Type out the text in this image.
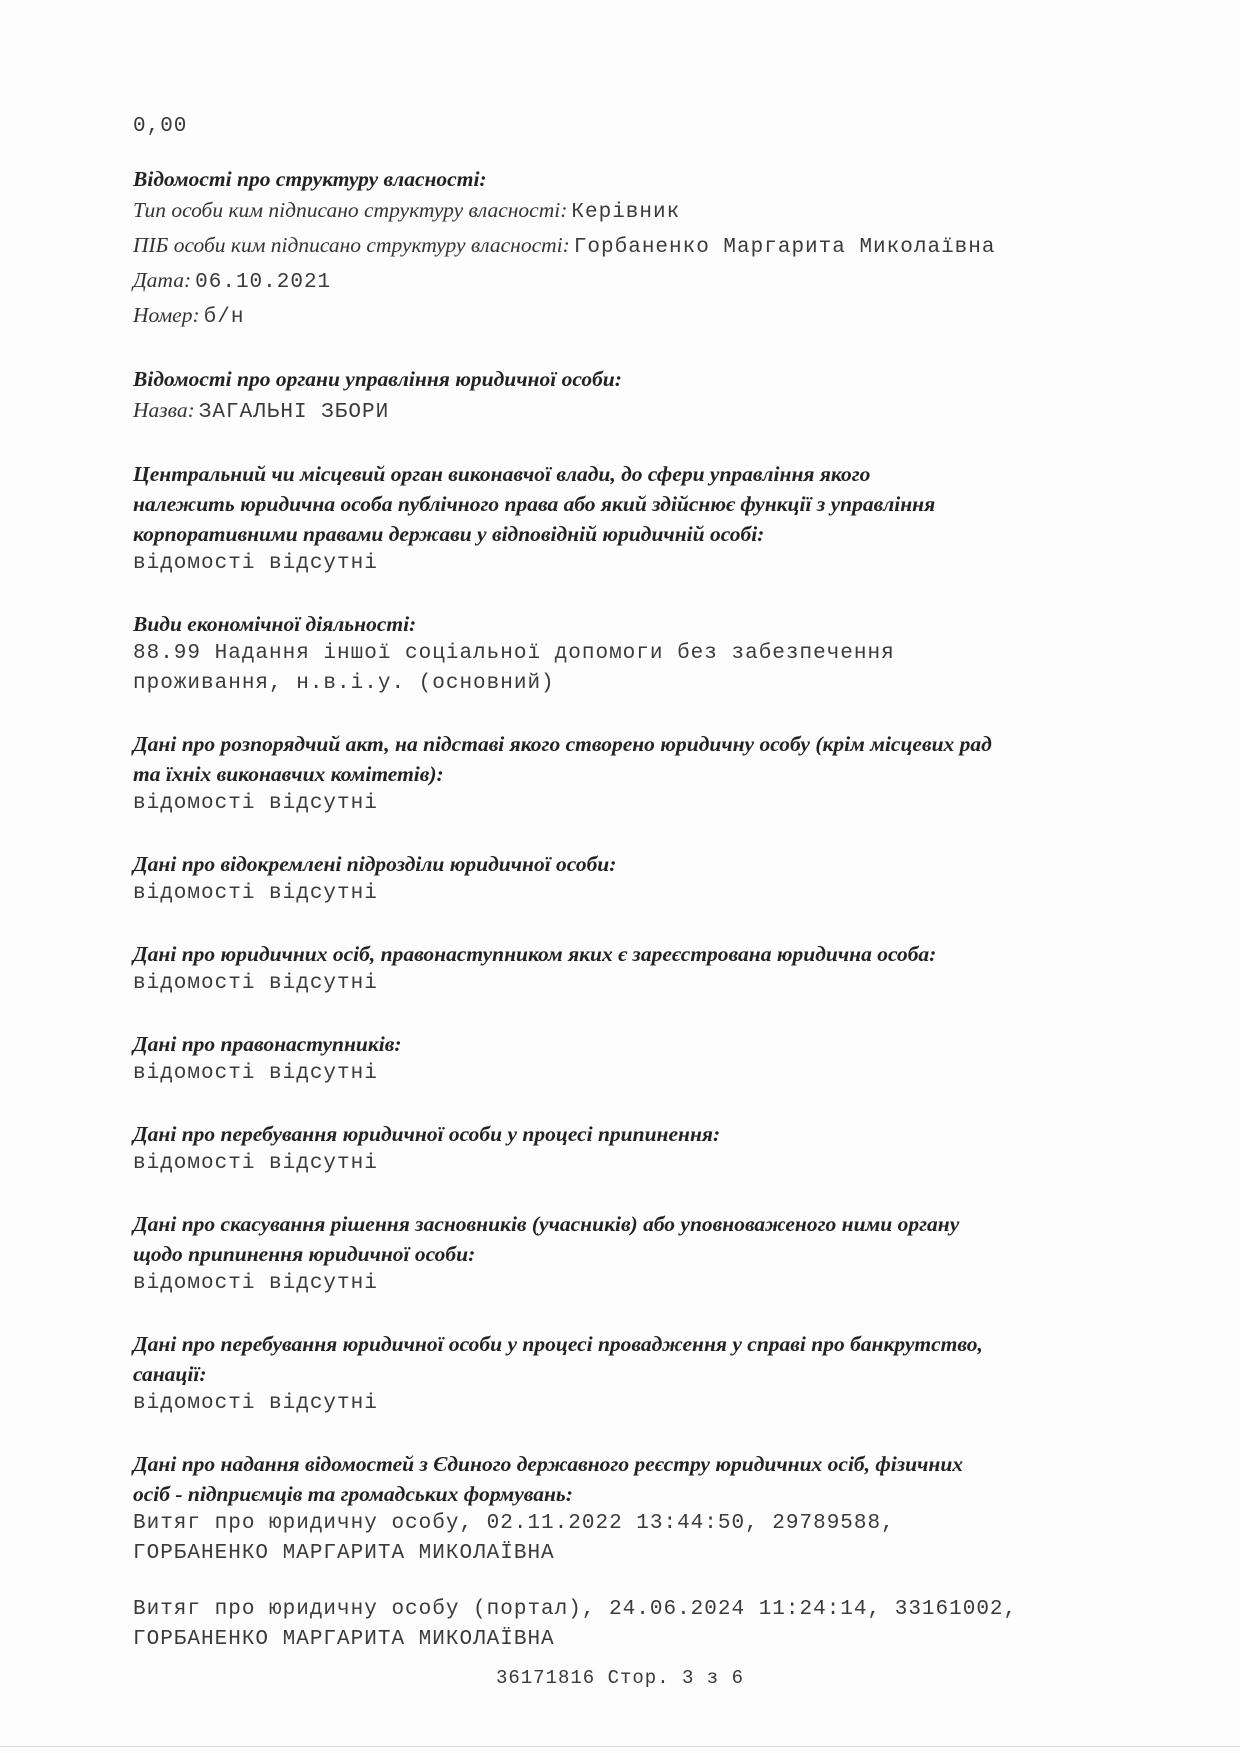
0,00
Відомості про структуру власності:
Тип особи ким підписано структуру власності: Керівник
ПІБ особи ким підписано структуру власності: Горбаненко Маргарита Миколаївна
Дата: 06.10.2021
Номер: б/н
Відомості про органи управління юридичної особи:
Назва: ЗАГАЛЬНІ ЗБОРИ
Центральний чи місцевий орган виконавчої влади, до сфери управління якого
належить юридична особа публічного права або який здійснює функції з управління
корпоративними правами держави у відповідній юридичній особі:
відомості відсутні
Види економічної діяльності:
88.99 Надання іншої соціальної допомоги без забезпечення
проживання, н.в.і.у. (основний)
Дані про розпорядчий акт, на підставі якого створено юридичну особу (крім місцевих рад
та їхніх виконавчих комітетів):
відомості відсутні
Дані про відокремлені підрозділи юридичної особи:
відомості відсутні
Дані про юридичних осіб, правонаступником яких є зареєстрована юридична особа:
відомості відсутні
Дані про правонаступників:
відомості відсутні
Дані про перебування юридичної особи у процесі припинення:
відомості відсутні
Дані про скасування рішення засновників (учасників) або уповноваженого ними органу
щодо припинення юридичної особи:
відомості відсутні
Дані про перебування юридичної особи у процесі провадження у справі про банкрутство,
санації:
відомості відсутні
Дані про надання відомостей з Єдиного державного реєстру юридичних осіб, фізичних
осіб - підприємців та громадських формувань:
Витяг про юридичну особу, 02.11.2022 13:44:50, 29789588,
ГОРБАНЕНКО МАРГАРИТА МИКОЛАЇВНА
Витяг про юридичну особу (портал), 24.06.2024 11:24:14, 33161002,
ГОРБАНЕНКО МАРГАРИТА МИКОЛАЇВНА
36171816 Стор. 3 з 6
